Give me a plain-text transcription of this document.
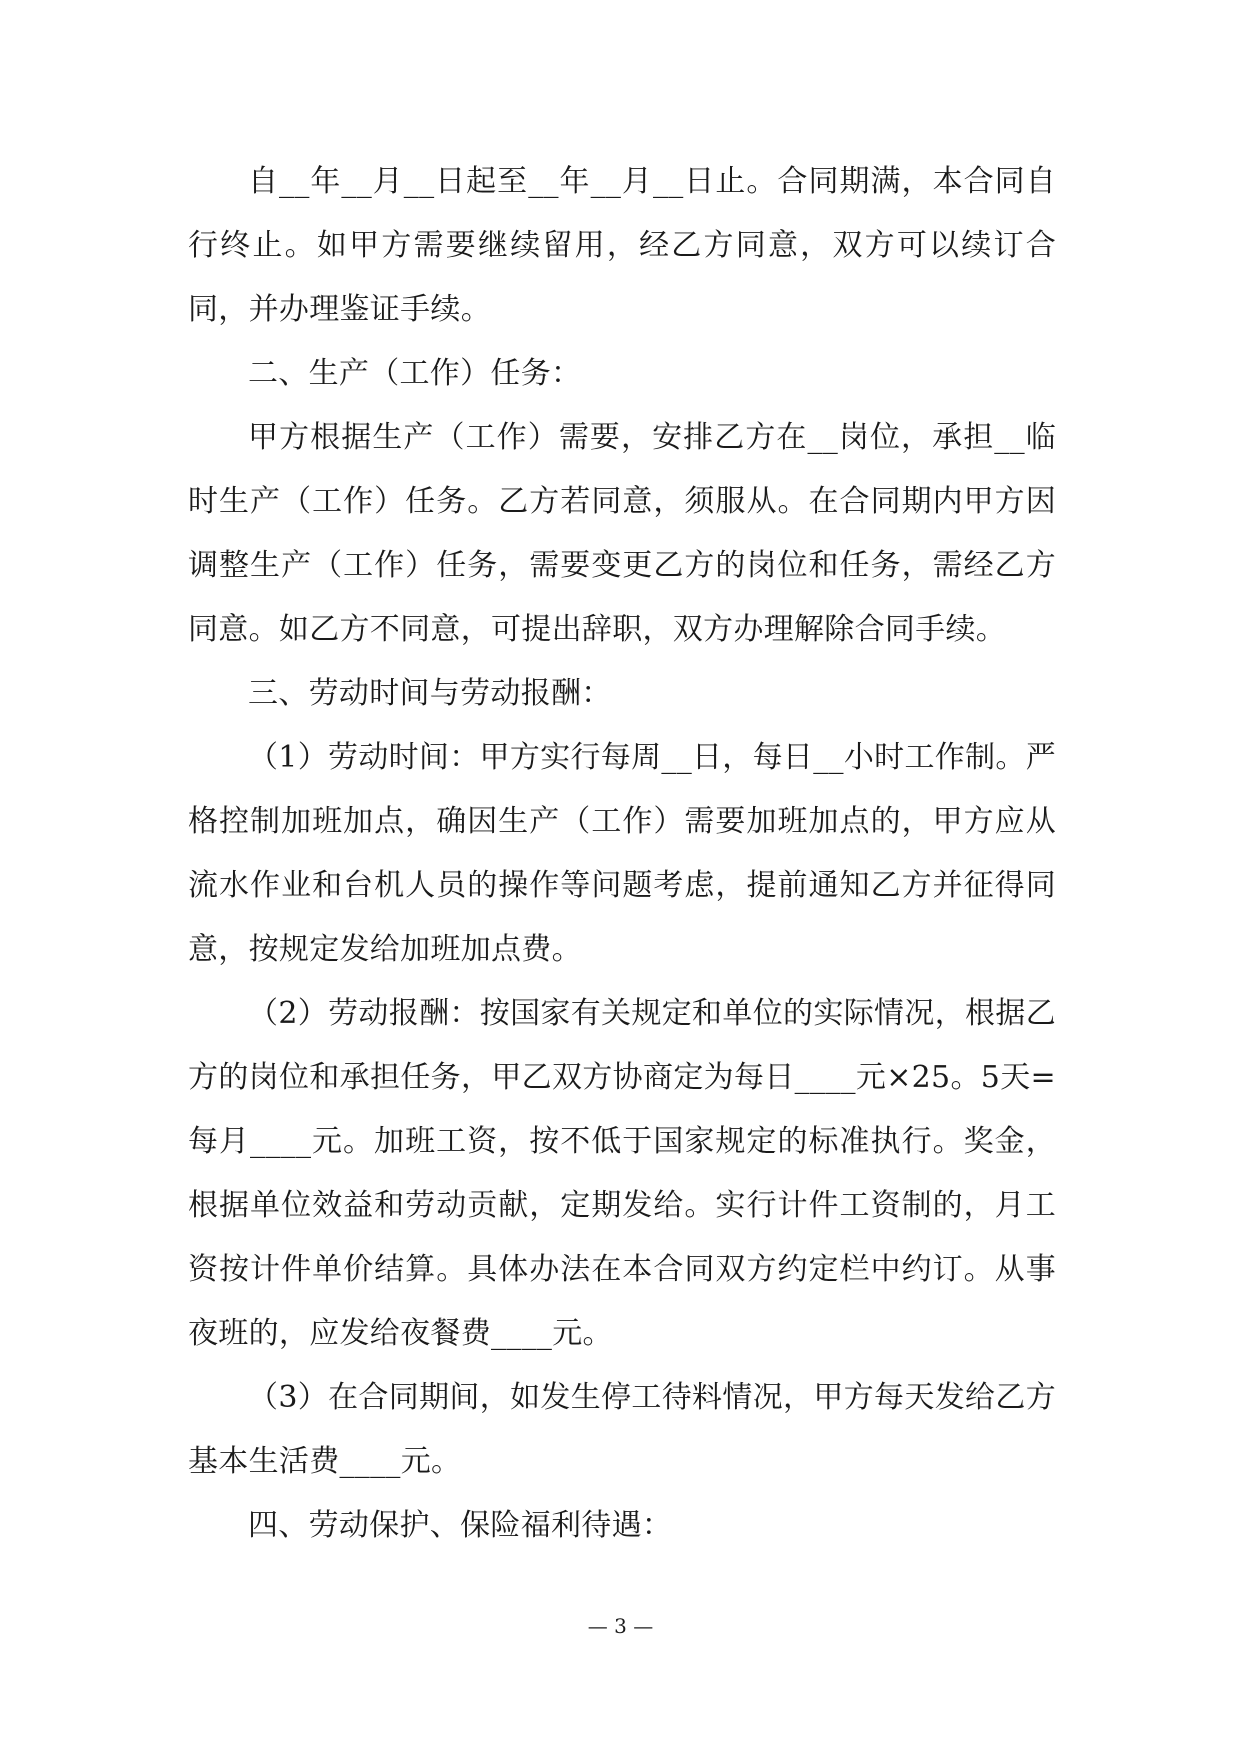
自__年__月__日起至__年__月__日止。合同期满，本合同自行终止。如甲方需要继续留用，经乙方同意，双方可以续订合同，并办理鉴证手续。

二、生产（工作）任务：

甲方根据生产（工作）需要，安排乙方在__岗位，承担__临时生产（工作）任务。乙方若同意，须服从。在合同期内甲方因调整生产（工作）任务，需要变更乙方的岗位和任务，需经乙方同意。如乙方不同意，可提出辞职，双方办理解除合同手续。

三、劳动时间与劳动报酬：

（1）劳动时间：甲方实行每周__日，每日__小时工作制。严格控制加班加点，确因生产（工作）需要加班加点的，甲方应从流水作业和台机人员的操作等问题考虑，提前通知乙方并征得同意，按规定发给加班加点费。

（2）劳动报酬：按国家有关规定和单位的实际情况，根据乙方的岗位和承担任务，甲乙双方协商定为每日____元×25。5天=每月____元。加班工资，按不低于国家规定的标准执行。奖金，根据单位效益和劳动贡献，定期发给。实行计件工资制的，月工资按计件单价结算。具体办法在本合同双方约定栏中约订。从事夜班的，应发给夜餐费____元。

（3）在合同期间，如发生停工待料情况，甲方每天发给乙方基本生活费____元。

四、劳动保护、保险福利待遇：

— 3 —
